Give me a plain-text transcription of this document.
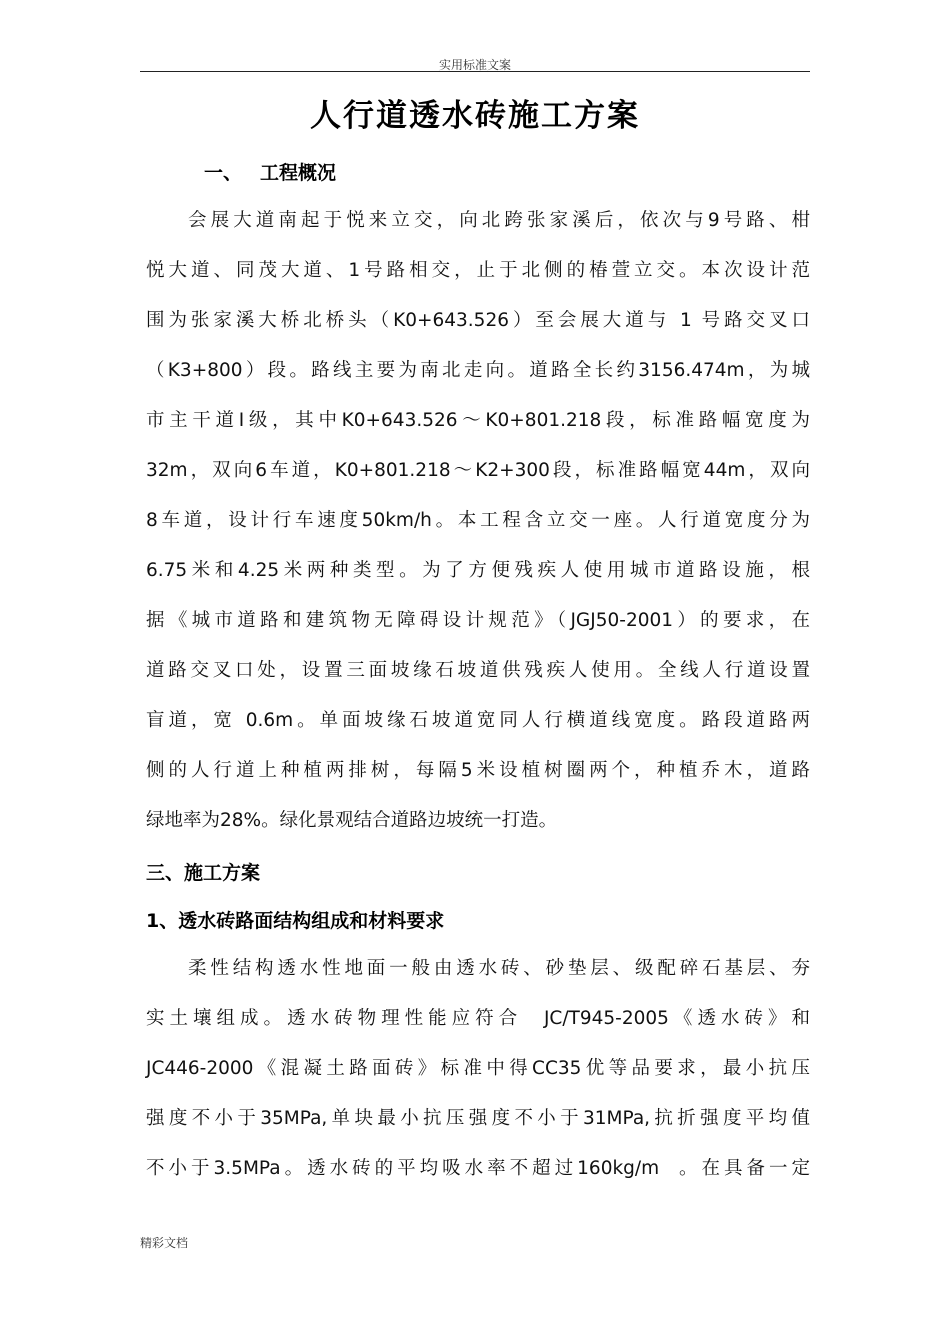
实用标准文案
人行道透水砖施工方案
一、 工程概况
会展大道南起于悦来立交，向北跨张家溪后，依次与9号路、柑
悦大道、同茂大道、1号路相交，止于北侧的椿萱立交。本次设计范
围为张家溪大桥北桥头（K0+643.526）至会展大道与 1 号路交叉口
（K3+800）段。路线主要为南北走向。道路全长约3156.474m，为城
市主干道Ⅰ级，其中K0+643.526～K0+801.218段，标准路幅宽度为
32m，双向6车道，K0+801.218～K2+300段，标准路幅宽44m，双向
8车道，设计行车速度50km/h。本工程含立交一座。人行道宽度分为
6.75米和4.25米两种类型。为了方便残疾人使用城市道路设施，根
据《城市道路和建筑物无障碍设计规范》（JGJ50-2001）的要求，在
道路交叉口处，设置三面坡缘石坡道供残疾人使用。全线人行道设置
盲道，宽 0.6m。单面坡缘石坡道宽同人行横道线宽度。路段道路两
侧的人行道上种植两排树，每隔5米设植树圈两个，种植乔木，道路
绿地率为28%。绿化景观结合道路边坡统一打造。
三、施工方案
1、透水砖路面结构组成和材料要求
柔性结构透水性地面一般由透水砖、砂垫层、级配碎石基层、夯
实土壤组成。透水砖物理性能应符合  JC/T945-2005《透水砖》和
JC446-2000《混凝土路面砖》标准中得CC35优等品要求，最小抗压
强度不小于35MPa,单块最小抗压强度不小于31MPa,抗折强度平均值
不小于3.5MPa。透水砖的平均吸水率不超过160kg/m  。在具备一定
精彩文档
